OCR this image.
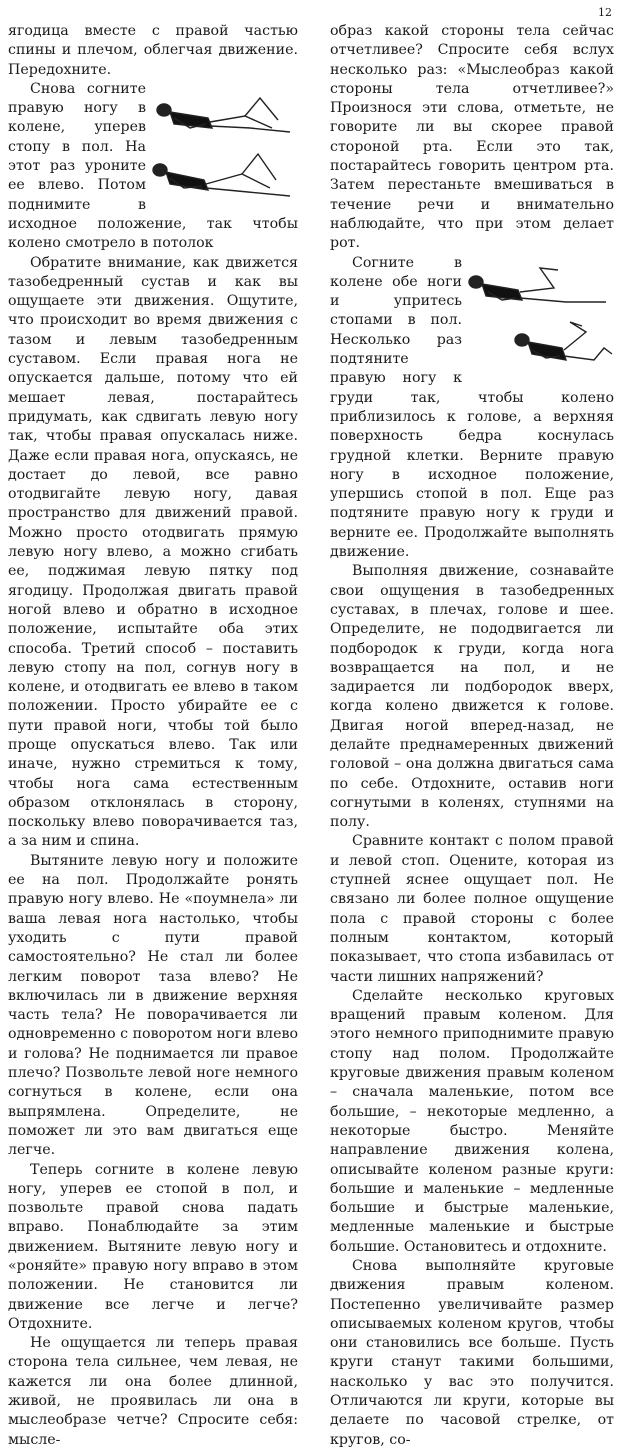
12

ягодица вместе с правой частью спины и плечом, облегчая движение. Передохните.

Снова согните правую ногу в колене, уперев стопу в пол. На этот раз уроните ее влево. Потом поднимите в исходное положение, так чтобы колено смотрело в потолок

Обратите внимание, как движется тазобедренный сустав и как вы ощущаете эти движения. Ощутите, что происходит во время движения с тазом и левым тазобедренным суставом. Если правая нога не опускается дальше, потому что ей мешает левая, постарайтесь придумать, как сдвигать левую ногу так, чтобы правая опускалась ниже. Даже если правая нога, опускаясь, не достает до левой, все равно отодвигайте левую ногу, давая пространство для движений правой. Можно просто отодвигать прямую левую ногу влево, а можно сгибать ее, поджимая левую пятку под ягодицу. Продолжая двигать правой ногой влево и обратно в исходное положение, испытайте оба этих способа. Третий способ – поставить левую стопу на пол, согнув ногу в колене, и отодвигать ее влево в таком положении. Просто убирайте ее с пути правой ноги, чтобы той было проще опускаться влево. Так или иначе, нужно стремиться к тому, чтобы нога сама естественным образом отклонялась в сторону, поскольку влево поворачивается таз, а за ним и спина.

Вытяните левую ногу и положите ее на пол. Продолжайте ронять правую ногу влево. Не «поумнела» ли ваша левая нога настолько, чтобы уходить с пути правой самостоятельно? Не стал ли более легким поворот таза влево? Не включилась ли в движение верхняя часть тела? Не поворачивается ли одновременно с поворотом ноги влево и голова? Не поднимается ли правое плечо? Позвольте левой ноге немного согнуться в колене, если она выпрямлена. Определите, не поможет ли это вам двигаться еще легче.

Теперь согните в колене левую ногу, уперев ее стопой в пол, и позвольте правой снова падать вправо. Понаблюдайте за этим движением. Вытяните левую ногу и «роняйте» правую ногу вправо в этом положении. Не становится ли движение все легче и легче? Отдохните.

Не ощущается ли теперь правая сторона тела сильнее, чем левая, не кажется ли она более длинной, живой, не проявилась ли она в мыслеобразе четче? Спросите себя: мысле-

образ какой стороны тела сейчас отчетливее? Спросите себя вслух несколько раз: «Мыслеобраз какой стороны тела отчетливее?» Произнося эти слова, отметьте, не говорите ли вы скорее правой стороной рта. Если это так, постарайтесь говорить центром рта. Затем перестаньте вмешиваться в течение речи и внимательно наблюдайте, что при этом делает рот.

Согните в колене обе ноги и упритесь стопами в пол. Несколько раз подтяните правую ногу к груди так, чтобы колено приблизилось к голове, а верхняя поверхность бедра коснулась грудной клетки. Верните правую ногу в исходное положение, упершись стопой в пол. Еще раз подтяните правую ногу к груди и верните ее. Продолжайте выполнять движение.

Выполняя движение, сознавайте свои ощущения в тазобедренных суставах, в плечах, голове и шее. Определите, не пододвигается ли подбородок к груди, когда нога возвращается на пол, и не задирается ли подбородок вверх, когда колено движется к голове. Двигая ногой вперед-назад, не делайте преднамеренных движений головой – она должна двигаться сама по себе. Отдохните, оставив ноги согнутыми в коленях, ступнями на полу.

Сравните контакт с полом правой и левой стоп. Оцените, которая из ступней яснее ощущает пол. Не связано ли более полное ощущение пола с правой стороны с более полным контактом, который показывает, что стопа избавилась от части лишних напряжений?

Сделайте несколько круговых вращений правым коленом. Для этого немного приподнимите правую стопу над полом. Продолжайте круговые движения правым коленом – сначала маленькие, потом все большие, – некоторые медленно, а некоторые быстро. Меняйте направление движения колена, описывайте коленом разные круги: большие и маленькие – медленные большие и быстрые маленькие, медленные маленькие и быстрые большие. Остановитесь и отдохните.

Снова выполняйте круговые движения правым коленом. Постепенно увеличивайте размер описываемых коленом кругов, чтобы они становились все больше. Пусть круги станут такими большими, насколько у вас это получится. Отличаются ли круги, которые вы делаете по часовой стрелке, от кругов, со-
